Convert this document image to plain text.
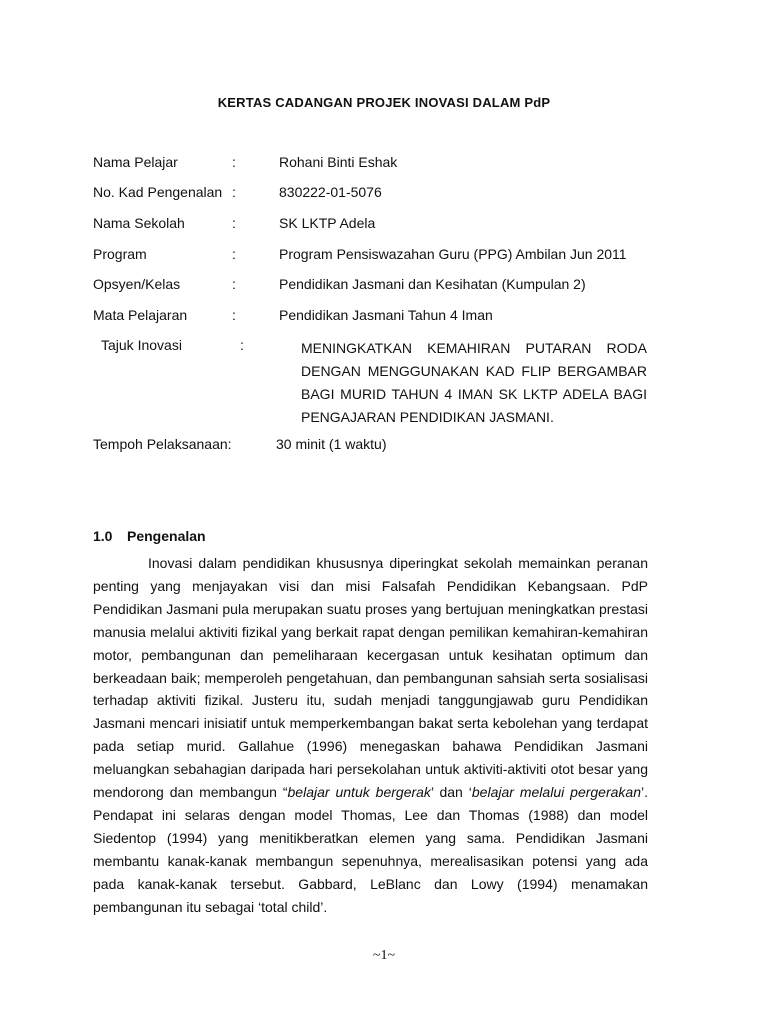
KERTAS CADANGAN PROJEK INOVASI DALAM PdP
Nama Pelajar	:	Rohani Binti Eshak
No. Kad Pengenalan :	830222-01-5076
Nama Sekolah	:	SK LKTP Adela
Program	:	Program Pensiswazahan Guru (PPG) Ambilan Jun 2011
Opsyen/Kelas	:	Pendidikan Jasmani dan Kesihatan (Kumpulan 2)
Mata Pelajaran	:	Pendidikan Jasmani Tahun 4 Iman
Tajuk Inovasi	:	MENINGKATKAN KEMAHIRAN PUTARAN RODA DENGAN MENGGUNAKAN KAD FLIP BERGAMBAR BAGI MURID TAHUN 4 IMAN SK LKTP ADELA BAGI PENGAJARAN PENDIDIKAN JASMANI.
Tempoh Pelaksanaan:	30 minit (1 waktu)
1.0 Pengenalan

Inovasi dalam pendidikan khususnya diperingkat sekolah memainkan peranan penting yang menjayakan visi dan misi Falsafah Pendidikan Kebangsaan. PdP Pendidikan Jasmani pula merupakan suatu proses yang bertujuan meningkatkan prestasi manusia melalui aktiviti fizikal yang berkait rapat dengan pemilikan kemahiran-kemahiran motor, pembangunan dan pemeliharaan kecergasan untuk kesihatan optimum dan berkeadaan baik; memperoleh pengetahuan, dan pembangunan sahsiah serta sosialisasi terhadap aktiviti fizikal. Justeru itu, sudah menjadi tanggungjawab guru Pendidikan Jasmani mencari inisiatif untuk memperkembangan bakat serta kebolehan yang terdapat pada setiap murid. Gallahue (1996) menegaskan bahawa Pendidikan Jasmani meluangkan sebahagian daripada hari persekolahan untuk aktiviti-aktiviti otot besar yang mendorong dan membangun “belajar untuk bergerak’ dan ‘belajar melalui pergerakan’. Pendapat ini selaras dengan model Thomas, Lee dan Thomas (1988) dan model Siedentop (1994) yang menitikberatkan elemen yang sama. Pendidikan Jasmani membantu kanak-kanak membangun sepenuhnya, merealisasikan potensi yang ada pada kanak-kanak tersebut. Gabbard, LeBlanc dan Lowy (1994) menamakan pembangunan itu sebagai ‘total child’.

~1~
